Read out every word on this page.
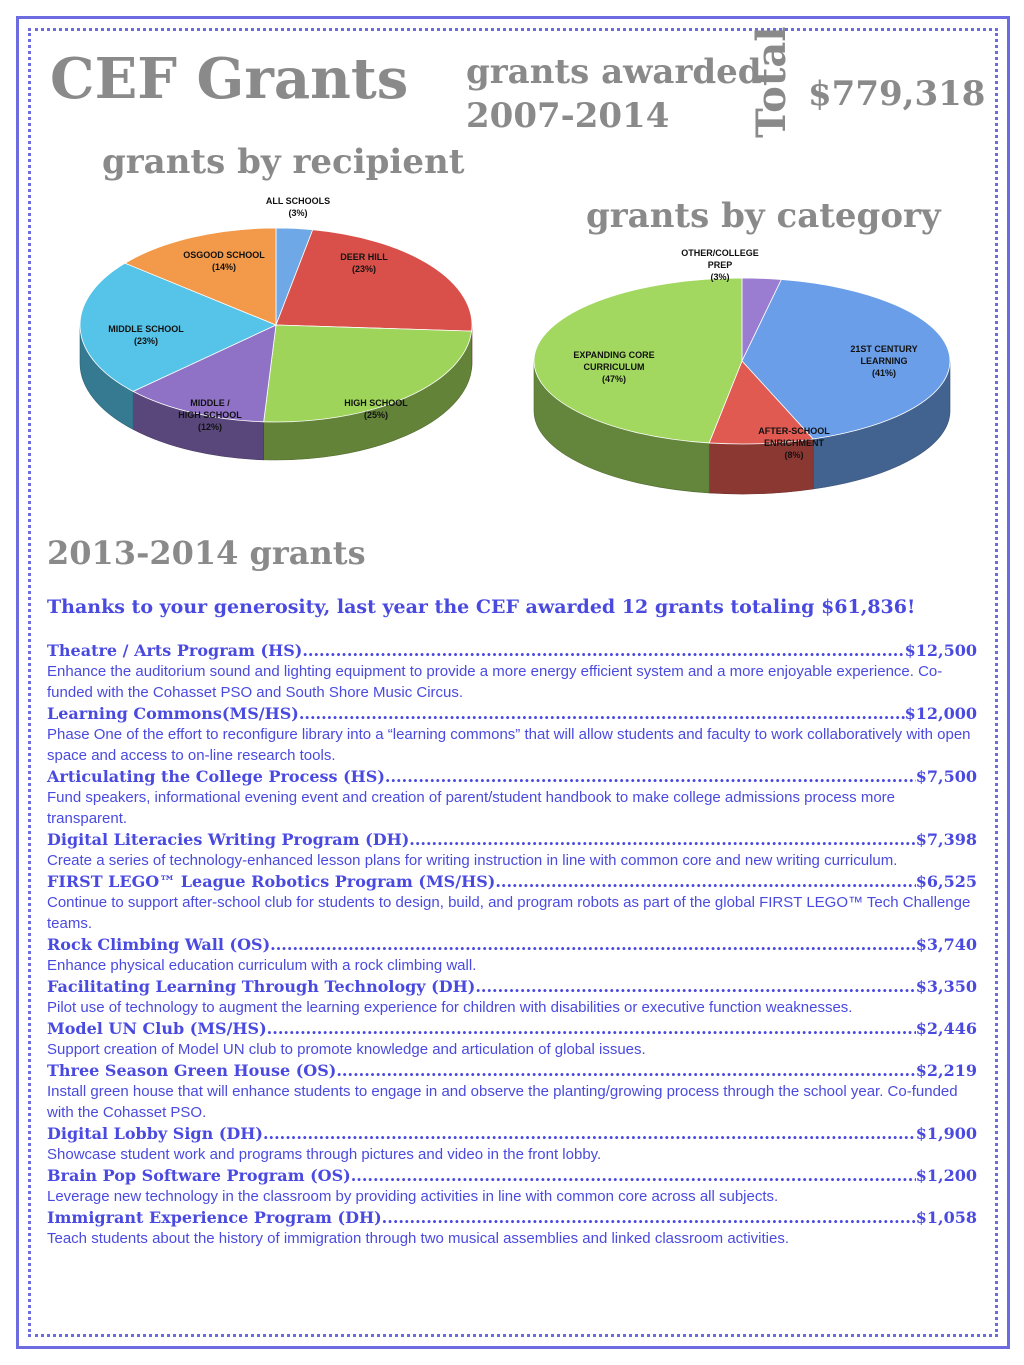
CEF Grants grants awarded
2007-2014	Total $779,318
grants by recipient
grants by category
ALL SCHOOLS (3%)
DEER HILL (23%)
HIGH SCHOOL (25%)
MIDDLE / HIGH SCHOOL (12%)
MIDDLE SCHOOL (23%)
OSGOOD SCHOOL (14%)
OTHER/COLLEGE PREP (3%)
21ST CENTURY LEARNING (41%)
AFTER-SCHOOL ENRICHMENT (8%)
EXPANDING CORE CURRICULUM (47%)
2013-2014 grants
Thanks to your generosity, last year the CEF awarded 12 grants totaling $61,836!
Theatre / Arts Program (HS) .....	$12,500
Enhance the auditorium sound and lighting equipment to provide a more energy efficient system and a more enjoyable experience. Co-funded with the Cohasset PSO and South Shore Music Circus.
Learning Commons(MS/HS) .....	$12,000
Phase One of the effort to reconfigure library into a “learning commons” that will allow students and faculty to work collaboratively with open space and access to on-line research tools.
Articulating the College Process (HS) .....	$7,500
Fund speakers, informational evening event and creation of parent/student handbook to make college admissions process more transparent.
Digital Literacies Writing Program (DH) .....	$7,398
Create a series of technology-enhanced lesson plans for writing instruction in line with common core and new writing curriculum.
FIRST LEGO™ League Robotics Program (MS/HS) .....	$6,525
Continue to support after-school club for students to design, build, and program robots as part of the global FIRST LEGO™ Tech Challenge teams.
Rock Climbing Wall (OS) .....	$3,740
Enhance physical education curriculum with a rock climbing wall.
Facilitating Learning Through Technology (DH) .....	$3,350
Pilot use of technology to augment the learning experience for children with disabilities or executive function weaknesses.
Model UN Club (MS/HS) .....	$2,446
Support creation of Model UN club to promote knowledge and articulation of global issues.
Three Season Green House (OS) .....	$2,219
Install green house that will enhance students to engage in and observe the planting/growing process through the school year. Co-funded with the Cohasset PSO.
Digital Lobby Sign (DH) .....	$1,900
Showcase student work and programs through pictures and video in the front lobby.
Brain Pop Software Program (OS) .....	$1,200
Leverage new technology in the classroom by providing activities in line with common core across all subjects.
Immigrant Experience Program (DH) .....	$1,058
Teach students about the history of immigration through two musical assemblies and linked classroom activities.
